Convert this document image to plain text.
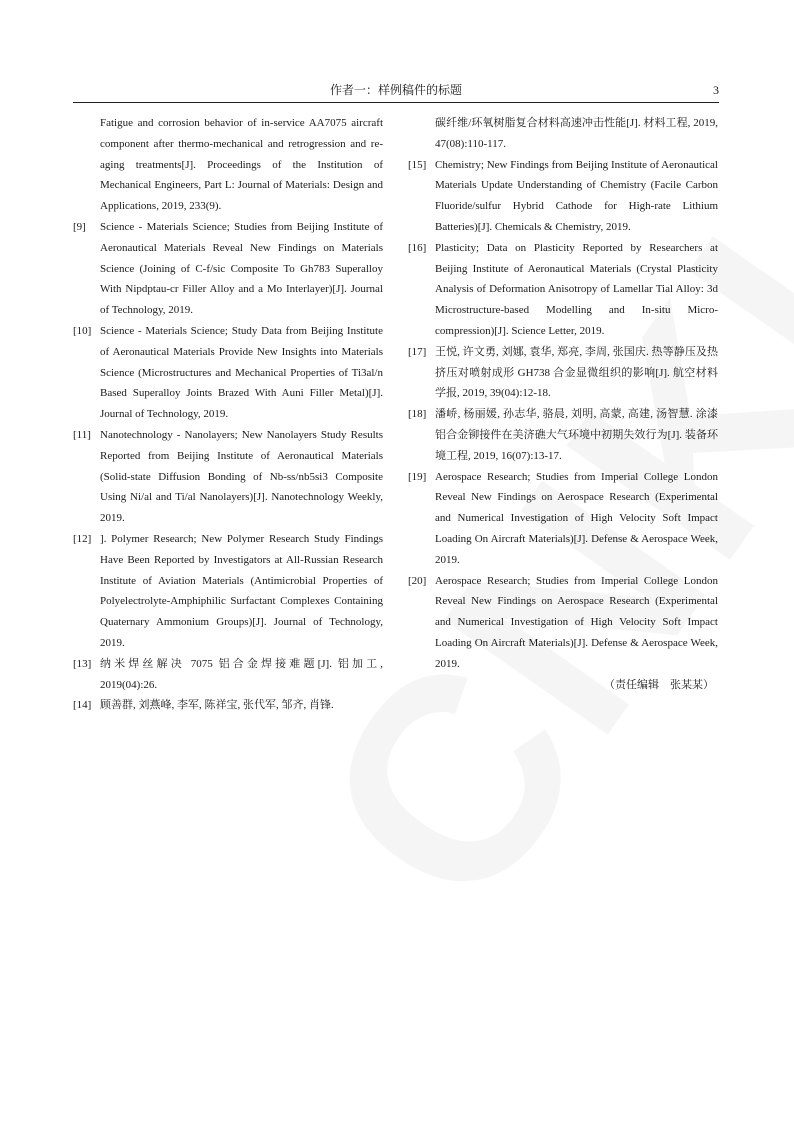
作者一：样例稿件的标题	3
Fatigue and corrosion behavior of in-service AA7075 aircraft component after thermo-mechanical and retrogression and re-aging treatments[J]. Proceedings of the Institution of Mechanical Engineers, Part L: Journal of Materials: Design and Applications, 2019, 233(9).
[9] Science - Materials Science; Studies from Beijing Institute of Aeronautical Materials Reveal New Findings on Materials Science (Joining of C-f/sic Composite To Gh783 Superalloy With Nipdptau-cr Filler Alloy and a Mo Interlayer)[J]. Journal of Technology, 2019.
[10] Science - Materials Science; Study Data from Beijing Institute of Aeronautical Materials Provide New Insights into Materials Science (Microstructures and Mechanical Properties of Ti3al/n Based Superalloy Joints Brazed With Auni Filler Metal)[J]. Journal of Technology, 2019.
[11] Nanotechnology - Nanolayers; New Nanolayers Study Results Reported from Beijing Institute of Aeronautical Materials (Solid-state Diffusion Bonding of Nb-ss/nb5si3 Composite Using Ni/al and Ti/al Nanolayers)[J]. Nanotechnology Weekly, 2019.
[12] ]. Polymer Research; New Polymer Research Study Findings Have Been Reported by Investigators at All-Russian Research Institute of Aviation Materials (Antimicrobial Properties of Polyelectrolyte-Amphiphilic Surfactant Complexes Containing Quaternary Ammonium Groups)[J]. Journal of Technology, 2019.
[13] 纳米焊丝解决 7075 铝合金焊接难题[J]. 铝加工, 2019(04):26.
[14] 顾善群, 刘燕峰, 李军, 陈祥宝, 张代军, 邹齐, 肖锋.
碳纤维/环氧树脂复合材料高速冲击性能[J]. 材料工程, 2019, 47(08):110-117.
[15] Chemistry; New Findings from Beijing Institute of Aeronautical Materials Update Understanding of Chemistry (Facile Carbon Fluoride/sulfur Hybrid Cathode for High-rate Lithium Batteries)[J]. Chemicals & Chemistry, 2019.
[16] Plasticity; Data on Plasticity Reported by Researchers at Beijing Institute of Aeronautical Materials (Crystal Plasticity Analysis of Deformation Anisotropy of Lamellar Tial Alloy: 3d Microstructure-based Modelling and In-situ Micro-compression)[J]. Science Letter, 2019.
[17] 王悦, 许文勇, 刘娜, 袁华, 郑亮, 李周, 张国庆. 热等静压及热挤压对喷射成形 GH738 合金显微组织的影响[J]. 航空材料学报, 2019, 39(04):12-18.
[18] 潘峤, 杨丽媛, 孙志华, 骆晨, 刘明, 高蒙, 高建, 汤智慧. 涂漆铝合金铆接件在美济礁大气环境中初期失效行为[J]. 装备环境工程, 2019, 16(07):13-17.
[19] Aerospace Research; Studies from Imperial College London Reveal New Findings on Aerospace Research (Experimental and Numerical Investigation of High Velocity Soft Impact Loading On Aircraft Materials)[J]. Defense & Aerospace Week, 2019.
[20] Aerospace Research; Studies from Imperial College London Reveal New Findings on Aerospace Research (Experimental and Numerical Investigation of High Velocity Soft Impact Loading On Aircraft Materials)[J]. Defense & Aerospace Week, 2019.
（责任编辑　张某某）
